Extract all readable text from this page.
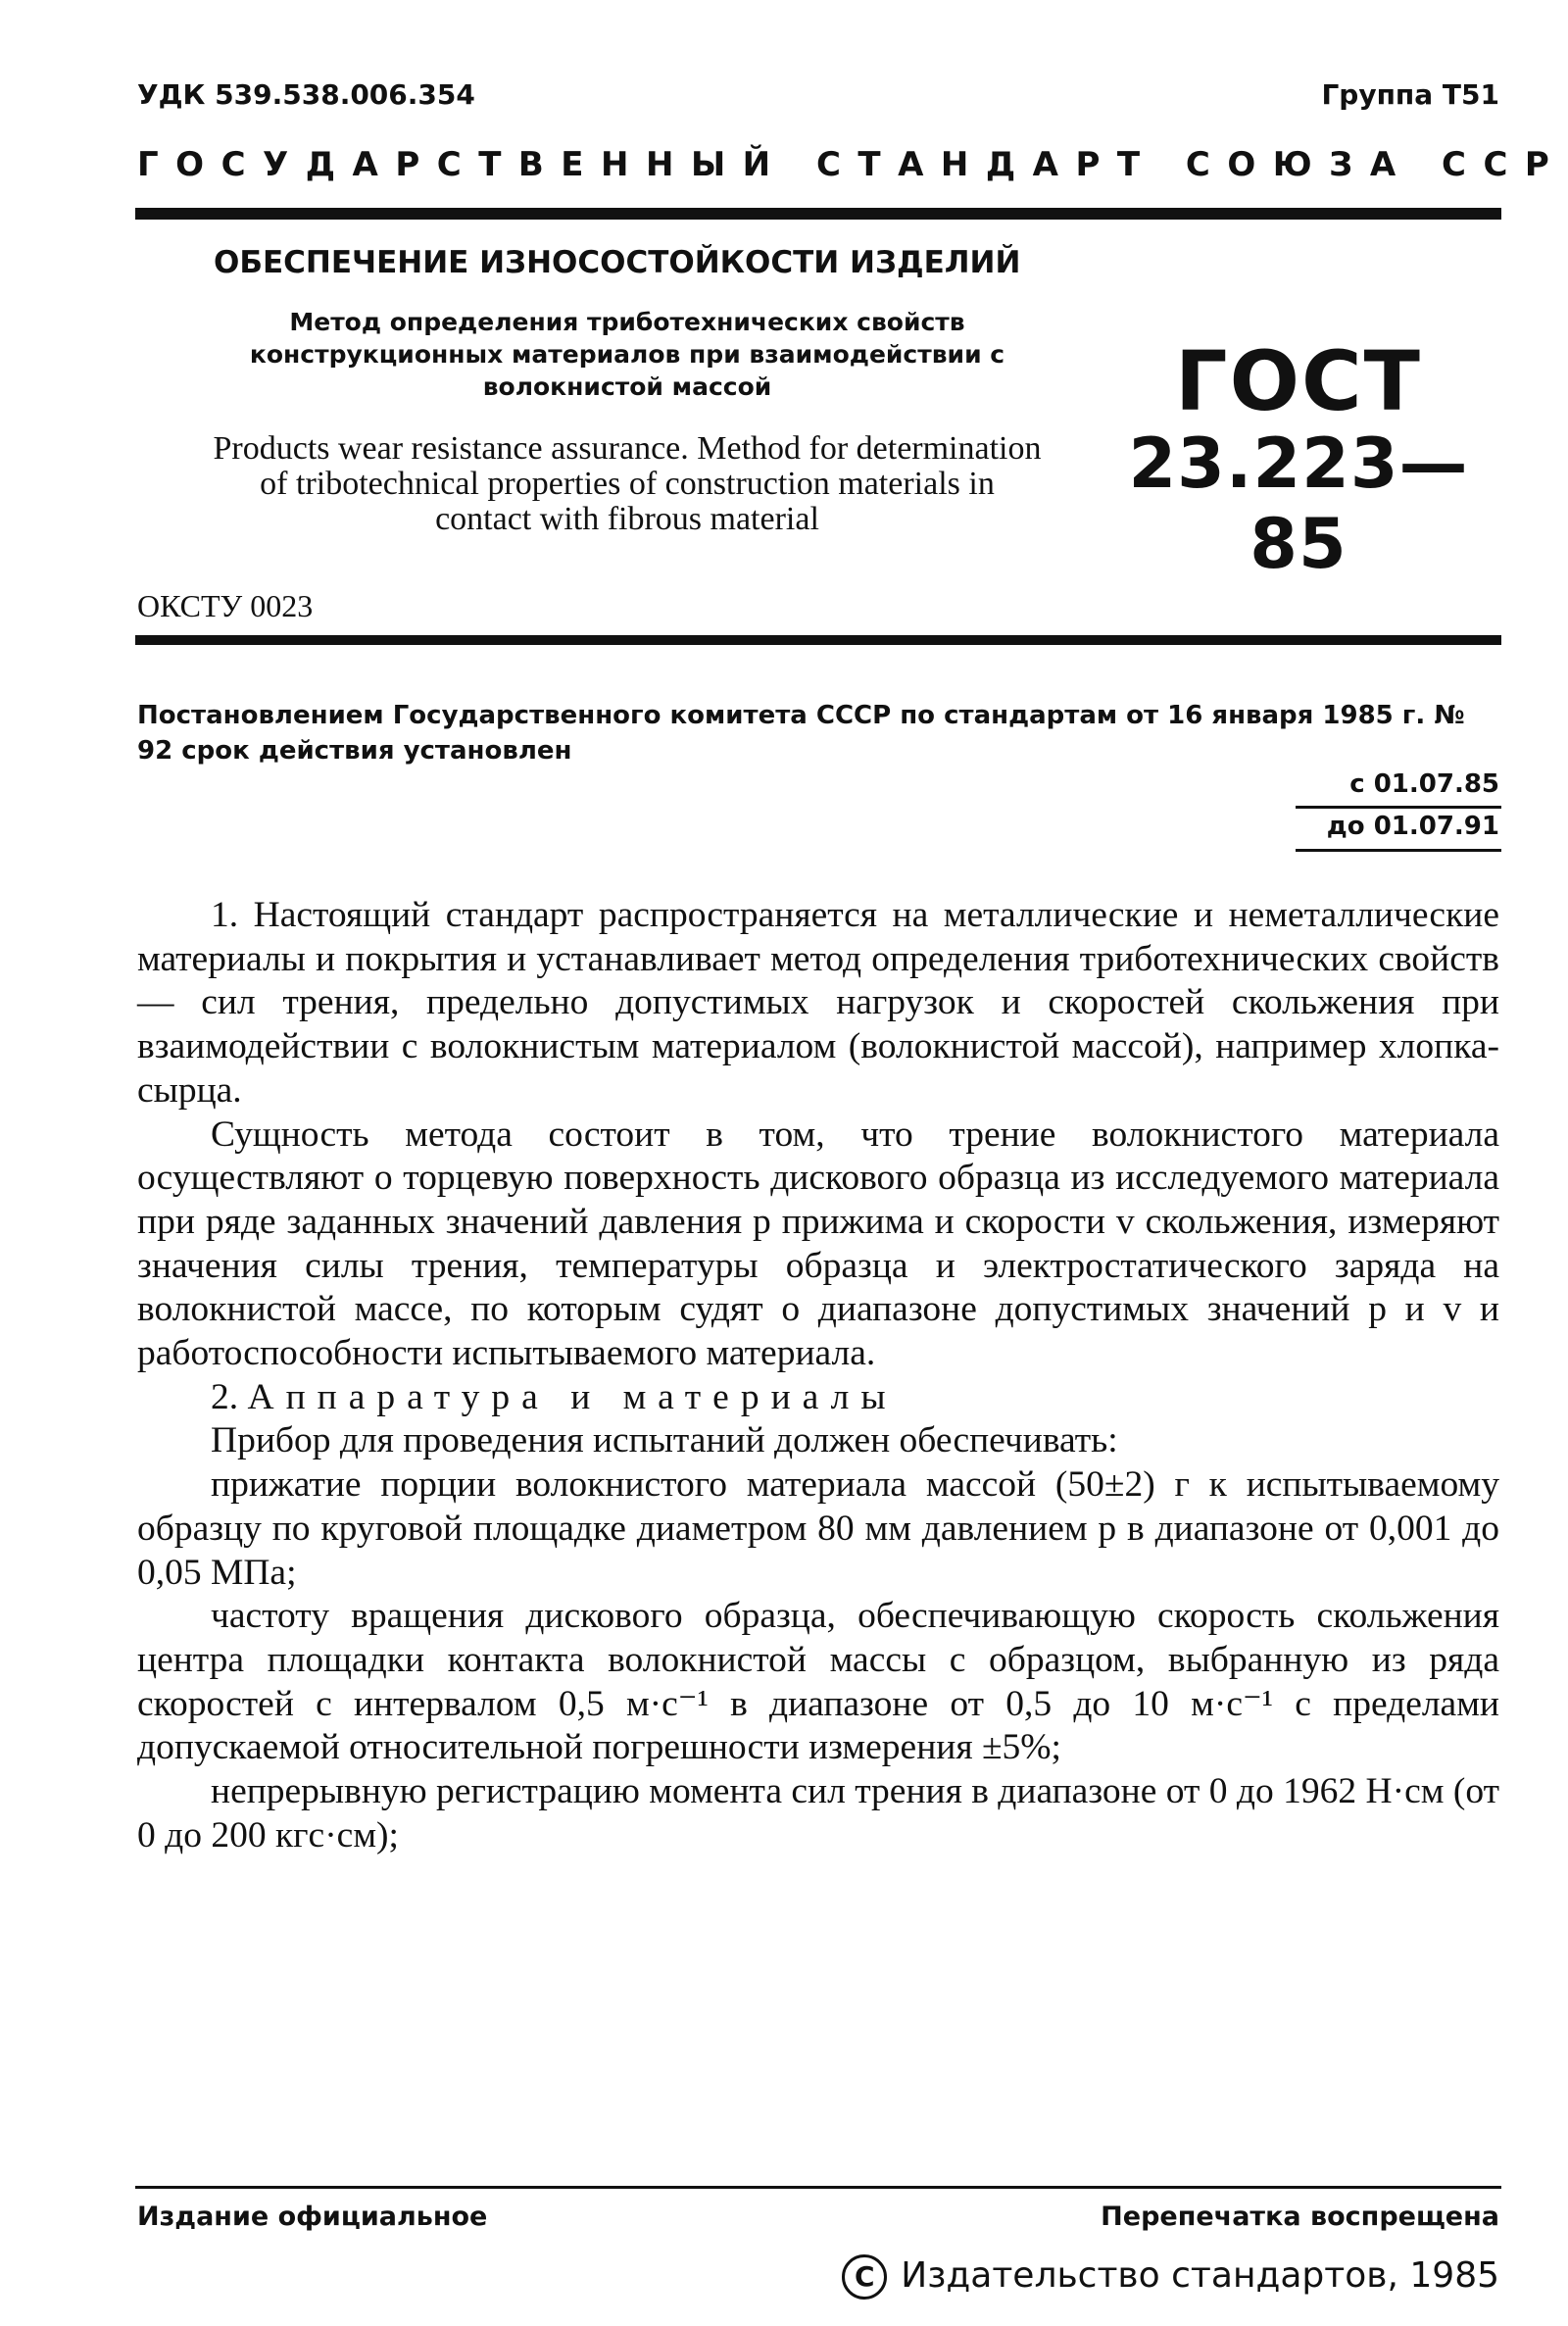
УДК 539.538.006.354	Группа Т51
ГОСУДАРСТВЕННЫЙ СТАНДАРТ СОЮЗА ССР
ОБЕСПЕЧЕНИЕ ИЗНОСОСТОЙКОСТИ ИЗДЕЛИЙ
Метод определения триботехнических свойств конструкционных материалов при взаимодействии с волокнистой массой
Products wear resistance assurance. Method for determination of tribotechnical properties of construction materials in contact with fibrous material
ОКСТУ 0023
ГОСТ
23.223—85
Постановлением Государственного комитета СССР по стандартам от 16 января 1985 г. № 92 срок действия установлен
с 01.07.85
до 01.07.91

1. Настоящий стандарт распространяется на металлические и неметаллические материалы и покрытия и устанавливает метод определения триботехнических свойств — сил трения, предельно допустимых нагрузок и скоростей скольжения при взаимодействии с волокнистым материалом (волокнистой массой), например хлопка-сырца.

Сущность метода состоит в том, что трение волокнистого материала осуществляют о торцевую поверхность дискового образца из исследуемого материала при ряде заданных значений давления p прижима и скорости v скольжения, измеряют значения силы трения, температуры образца и электростатического заряда на волокнистой массе, по которым судят о диапазоне допустимых значений p и v и работоспособности испытываемого материала.

2. Аппаратура и материалы

Прибор для проведения испытаний должен обеспечивать:

прижатие порции волокнистого материала массой (50±2) г к испытываемому образцу по круговой площадке диаметром 80 мм давлением p в диапазоне от 0,001 до 0,05 МПа;

частоту вращения дискового образца, обеспечивающую скорость скольжения центра площадки контакта волокнистой массы с образцом, выбранную из ряда скоростей с интервалом 0,5 м·с⁻¹ в диапазоне от 0,5 до 10 м·с⁻¹ с пределами допускаемой относительной погрешности измерения ±5%;

непрерывную регистрацию момента сил трения в диапазоне от 0 до 1962 Н·см (от 0 до 200 кгс·см);

Издание официальное	Перепечатка воспрещена
C Издательство стандартов, 1985
